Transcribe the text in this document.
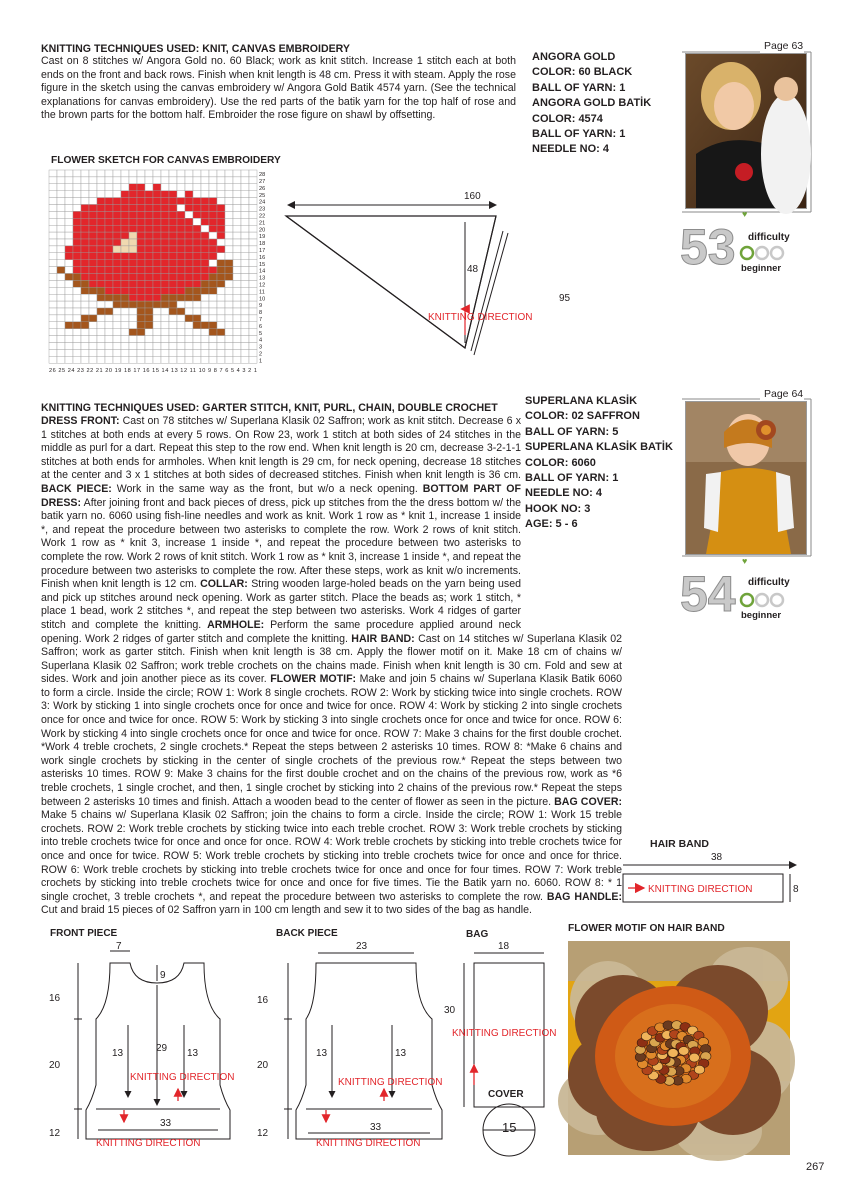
KNITTING TECHNIQUES USED: KNIT, CANVAS EMBROIDERY
Cast on 8 stitches w/ Angora Gold no. 60 Black; work as knit stitch. Increase 1 stitch each at both ends on the front and back rows. Finish when knit length is 48 cm. Press it with steam. Apply the rose figure in the sketch using the canvas embroidery w/ Angora Gold Batik 4574 yarn. (See the technical explanations for canvas embroidery). Use the red parts of the batik yarn for the top half of rose and the brown parts for the bottom half. Embroider the rose figure on shawl by offsetting.
ANGORA GOLD
COLOR: 60 BLACK
BALL OF YARN: 1
ANGORA GOLD BATİK
COLOR: 4574
BALL OF YARN: 1
NEEDLE NO: 4
Page 63
53
♥
difficulty
beginner
FLOWER SKETCH FOR CANVAS EMBROIDERY
28
27
26
25
24
23
22
21
20
19
18
17
16
15
14
13
12
11
10
9
8
7
6
5
4
3
2
1
26 25 24 23 22 21 20 19 18 17 16 15 14 13 12 11 10 9 8 7 6 5 4 3 2 1
160
48
95
KNITTING DIRECTION
Page 64
54
♥
difficulty
beginner
SUPERLANA KLASİK
COLOR: 02 SAFFRON
BALL OF YARN: 5
SUPERLANA KLASİK BATİK
COLOR: 6060
BALL OF YARN: 1
NEEDLE NO: 4
HOOK NO: 3
AGE: 5 - 6
KNITTING TECHNIQUES USED: GARTER STITCH, KNIT, PURL, CHAIN, DOUBLE CROCHET
DRESS FRONT: Cast on 78 stitches w/ Superlana Klasik 02 Saffron; work as knit stitch. Decrease 6 x 1 stitches at both ends at every 5 rows. On Row 23, work 1 stitch at both sides of 24 stitches in the middle as purl for a dart. Repeat this step to the row end. When knit length is 20 cm, decrease 3-2-1-1 stitches at both ends for armholes. When knit length is 29 cm, for neck opening, decrease 18 stitches at the center and 3 x 1 stitches at both sides of decreased stitches. Finish when knit length is 36 cm. BACK PIECE: Work in the same way as the front, but w/o a neck opening. BOTTOM PART OF DRESS: After joining front and back pieces of dress, pick up stitches from the the dress bottom w/ the batik yarn no. 6060 using fish-line needles and work as knit. Work 1 row as * knit 1, increase 1 inside *, and repeat the procedure between two asterisks to complete the row. Work 2 rows of knit stitch. Work 1 row as * knit 3, increase 1 inside *, and repeat the procedure between two asterisks to complete the row. Work 2 rows of knit stitch. Work 1 row as * knit 3, increase 1 inside *, and repeat the procedure between two asterisks to complete the row. After these steps, work as knit w/o increments. Finish when knit length is 12 cm. COLLAR: String wooden large-holed beads on the yarn being used and pick up stitches around neck opening. Work as garter stitch. Place the beads as; work 1 stitch, * place 1 bead, work 2 stitches *, and repeat the step between two asterisks. Work 4 ridges of garter stitch and complete the knitting. ARMHOLE: Perform the same procedure applied around neck opening. Work 2 ridges of garter stitch and complete the knitting. HAIR BAND: Cast on 14 stitches w/ Superlana Klasik 02 Saffron; work as garter stitch. Finish when knit length is 38 cm. Apply the flower motif on it. Make 18 cm of chains w/ Superlana Klasik 02 Saffron; work treble crochets on the chains made. Finish when knit length is 30 cm. Fold and sew at sides. Work and join another piece as its cover. FLOWER MOTIF: Make and join 5 chains w/ Superlana Klasik Batik 6060 to form a circle. Inside the circle; ROW 1: Work 8 single crochets. ROW 2: Work by sticking twice into single crochets. ROW 3: Work by sticking 1 into single crochets once for once and twice for once. ROW 4: Work by sticking 2 into single crochets once for once and twice for once. ROW 5: Work by sticking 3 into single crochets once for once and twice for once. ROW 6: Work by sticking 4 into single crochets once for once and twice for once. ROW 7: Make 3 chains for the first double crochet. *Work 4 treble crochets, 2 single crochets.* Repeat the steps between 2 asterisks 10 times. ROW 8: *Make 6 chains and work single crochets by sticking in the center of single crochets of the previous row.* Repeat the steps between two asterisks 10 times. ROW 9: Make 3 chains for the first double crochet and on the chains of the previous row, work as *6 treble crochets, 1 single crochet, and then, 1 single crochet by sticking into 2 chains of the previous row.* Repeat the steps between 2 asterisks 10 times and finish. Attach a wooden bead to the center of flower as seen in the picture. BAG COVER: Make 5 chains w/ Superlana Klasik 02 Saffron; join the chains to form a circle. Inside the circle; ROW 1: Work 15 treble crochets. ROW 2: Work treble crochets by sticking twice into each treble crochet. ROW 3: Work treble crochets by sticking into treble crochets twice for once and once for once. ROW 4: Work treble crochets by sticking into treble crochets twice for once and once for twice. ROW 5: Work treble crochets by sticking into treble crochets twice for once and once for thrice. ROW 6: Work treble crochets by sticking into treble crochets twice for once and once for four times. ROW 7: Work treble crochets by sticking into treble crochets twice for once and once for five times. Tie the Batik yarn no. 6060. ROW 8: * 1 single crochet, 3 treble crochets *, and repeat the procedure between two asterisks to complete the row. BAG HANDLE: Cut and braid 15 pieces of 02 Saffron yarn in 100 cm length and sew it to two sides of the bag as handle.
HAIR BAND
38
8
KNITTING DIRECTION
FRONT PIECE
7
16
20
12
9
29
13	13
KNITTING DIRECTION
33
KNITTING DIRECTION
BACK PIECE
23
16
20
12
13	13
KNITTING DIRECTION
33
KNITTING DIRECTION
BAG
18
30
KNITTING DIRECTION
COVER
15
FLOWER MOTIF ON HAIR BAND
267
